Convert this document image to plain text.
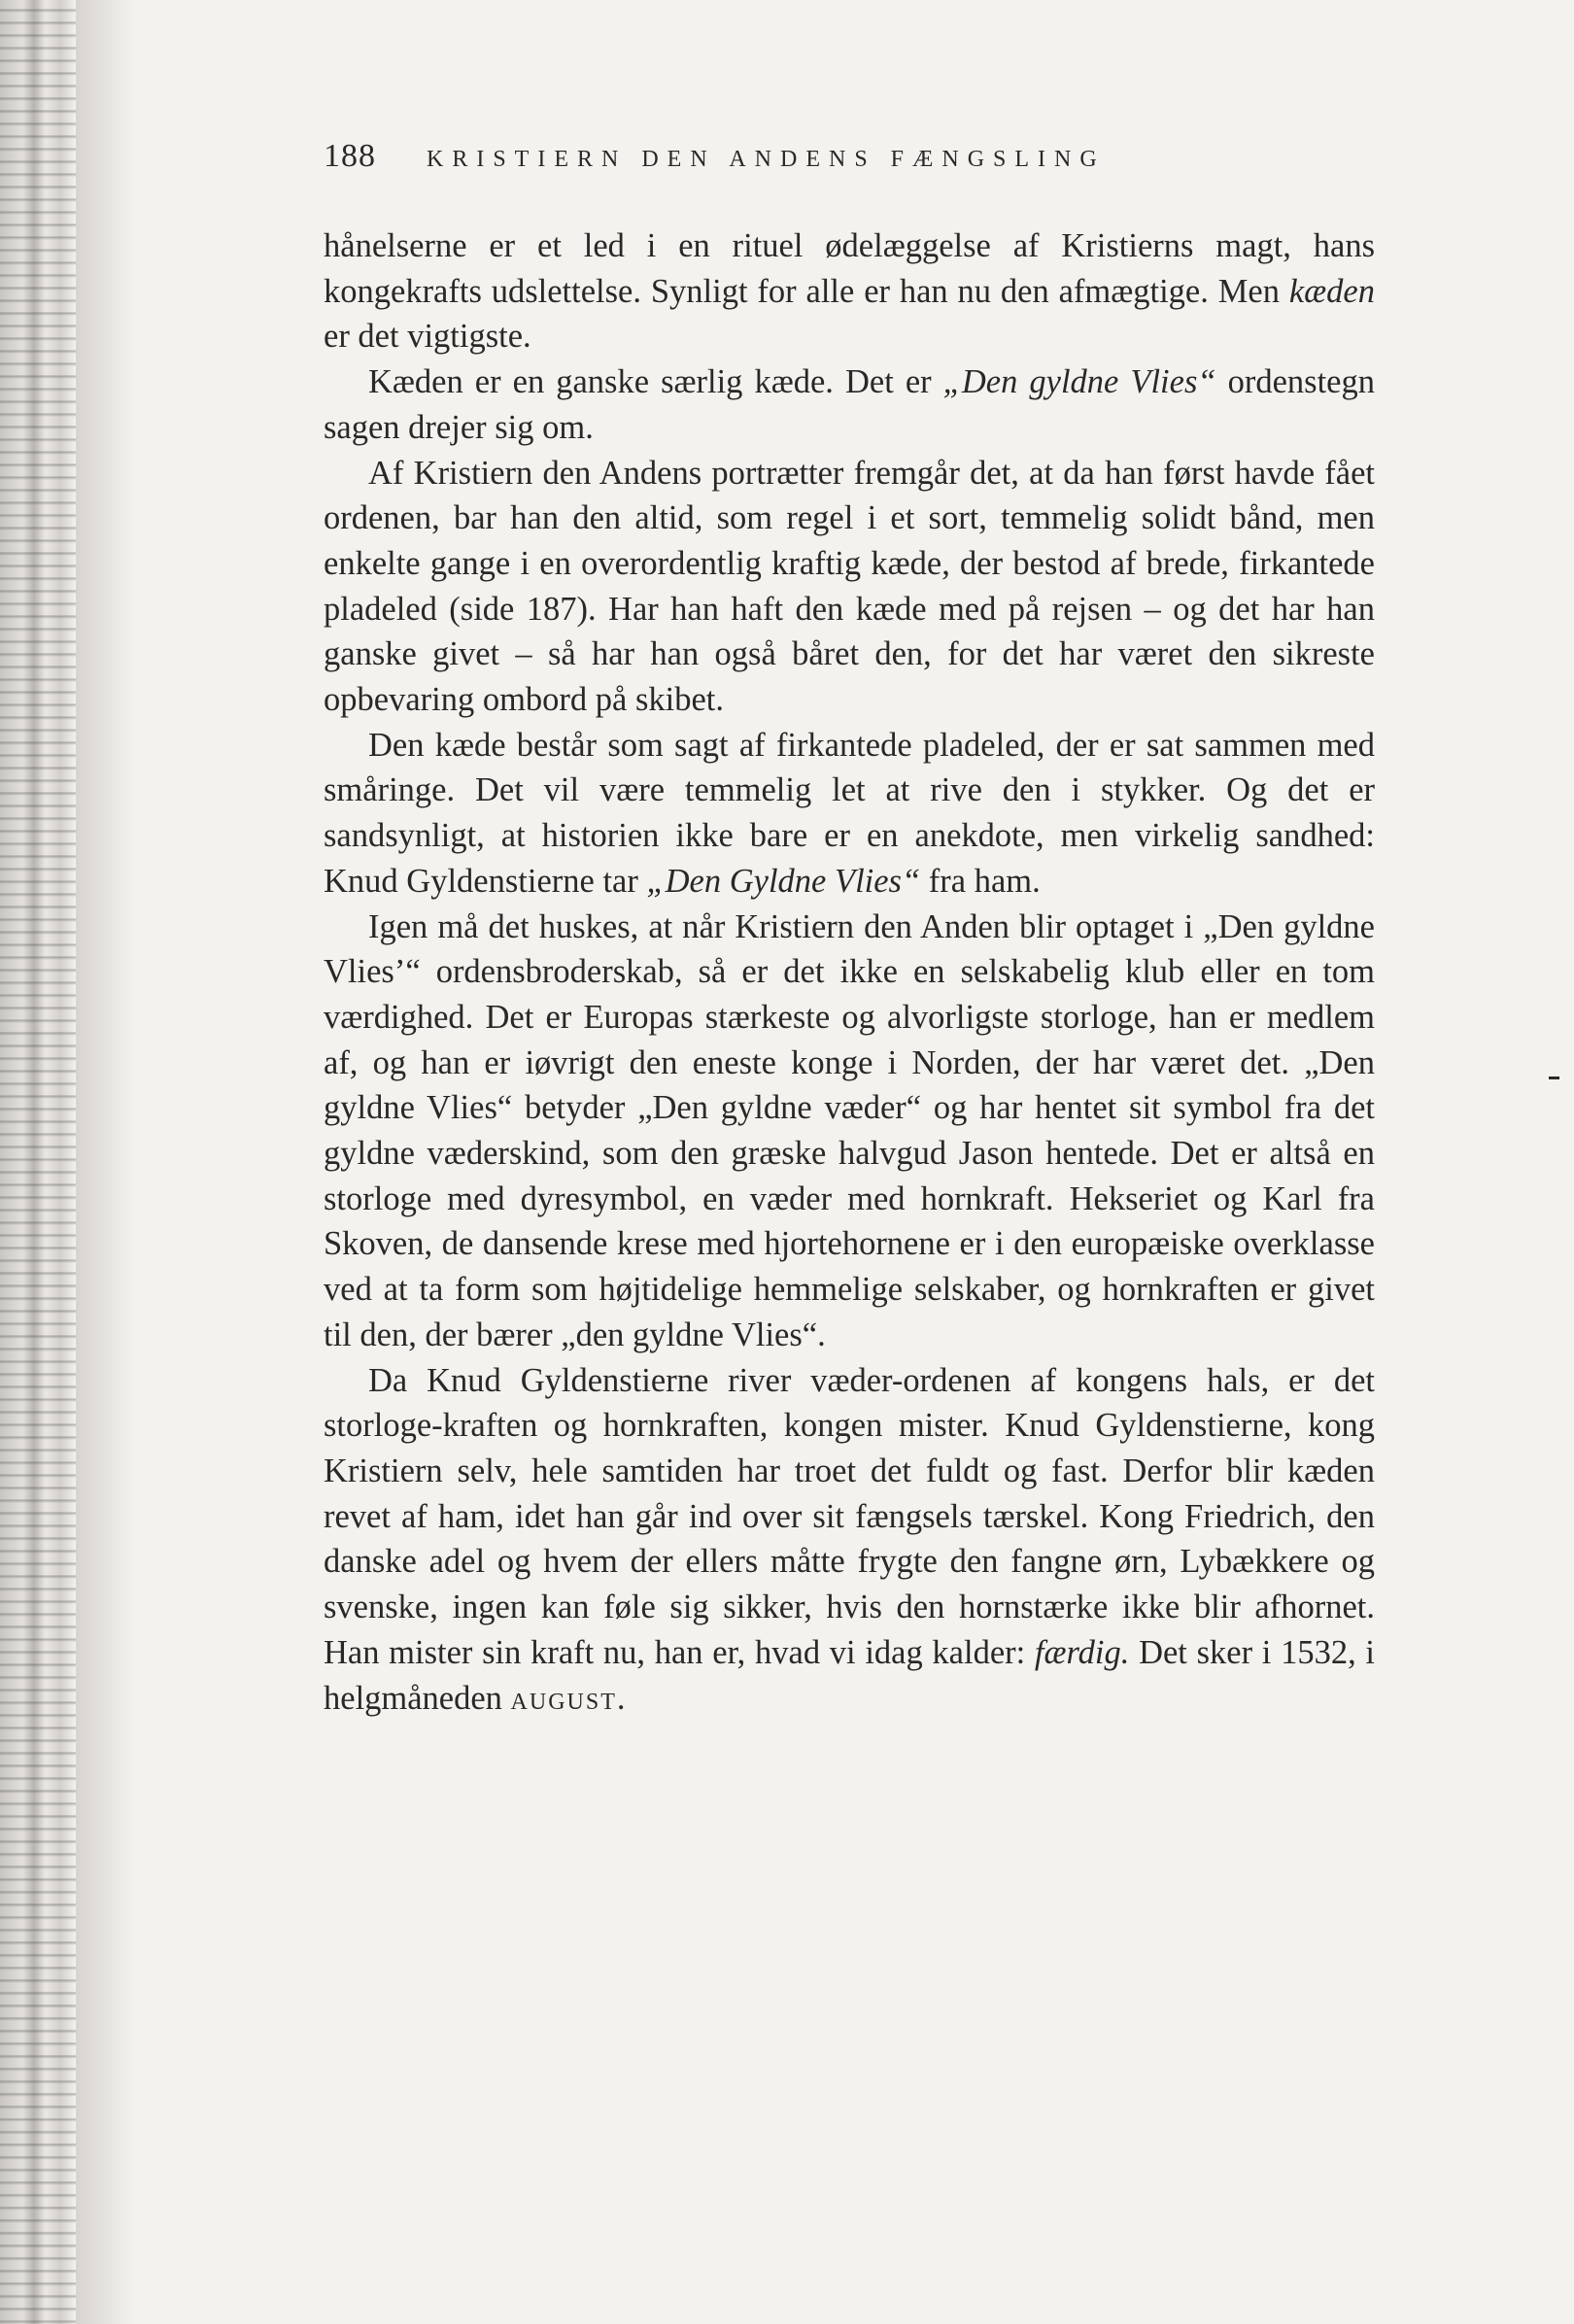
188 KRISTIERN DEN ANDENS FÆNGSLING

hånelserne er et led i en rituel ødelæggelse af Kristierns magt, hans kongekrafts udslettelse. Synligt for alle er han nu den afmægtige. Men kæden er det vigtigste.

Kæden er en ganske særlig kæde. Det er „Den gyldne Vlies“ ordenstegn sagen drejer sig om.

Af Kristiern den Andens portrætter fremgår det, at da han først havde fået ordenen, bar han den altid, som regel i et sort, temmelig solidt bånd, men enkelte gange i en overordentlig kraftig kæde, der bestod af brede, firkantede pladeled (side 187). Har han haft den kæde med på rejsen – og det har han ganske givet – så har han også båret den, for det har været den sikreste opbevaring ombord på skibet.

Den kæde består som sagt af firkantede pladeled, der er sat sammen med småringe. Det vil være temmelig let at rive den i stykker. Og det er sandsynligt, at historien ikke bare er en anekdote, men virkelig sandhed: Knud Gyldenstierne tar „Den Gyldne Vlies“ fra ham.

Igen må det huskes, at når Kristiern den Anden blir optaget i „Den gyldne Vlies’“ ordensbroderskab, så er det ikke en selskabelig klub eller en tom værdighed. Det er Europas stærkeste og alvorligste storloge, han er medlem af, og han er iøvrigt den eneste konge i Norden, der har været det. „Den gyldne Vlies“ betyder „Den gyldne væder“ og har hentet sit symbol fra det gyldne væderskind, som den græske halvgud Jason hentede. Det er altså en storloge med dyresymbol, en væder med hornkraft. Hekseriet og Karl fra Skoven, de dansende krese med hjortehornene er i den europæiske overklasse ved at ta form som højtidelige hemmelige selskaber, og hornkraften er givet til den, der bærer „den gyldne Vlies“.

Da Knud Gyldenstierne river væder-ordenen af kongens hals, er det storloge-kraften og hornkraften, kongen mister. Knud Gyldenstierne, kong Kristiern selv, hele samtiden har troet det fuldt og fast. Derfor blir kæden revet af ham, idet han går ind over sit fængsels tærskel. Kong Friedrich, den danske adel og hvem der ellers måtte frygte den fangne ørn, Lybækkere og svenske, ingen kan føle sig sikker, hvis den hornstærke ikke blir afhornet. Han mister sin kraft nu, han er, hvad vi idag kalder: færdig. Det sker i 1532, i helgmåneden august.
